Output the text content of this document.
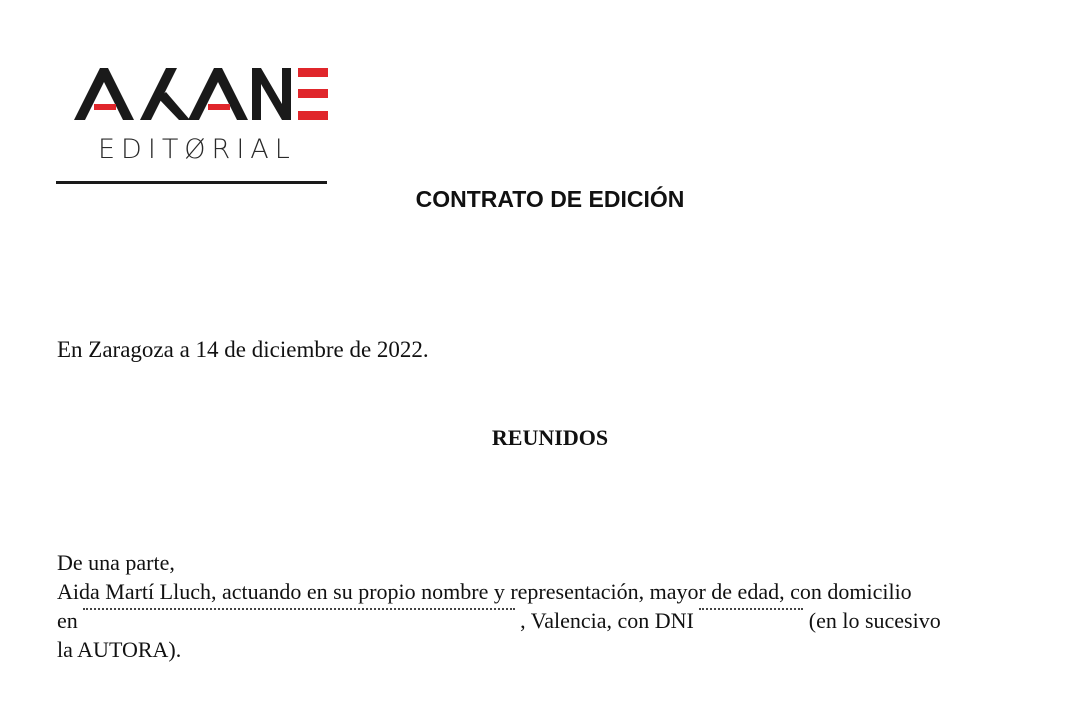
EDITØRIAL
CONTRATO DE EDICIÓN
En Zaragoza a 14 de diciembre de 2022.
REUNIDOS
De una parte,
Aida Martí Lluch, actuando en su propio nombre y representación, mayor de edad, con domicilio
en	, Valencia, con DNI	(en lo sucesivo
la AUTORA).
